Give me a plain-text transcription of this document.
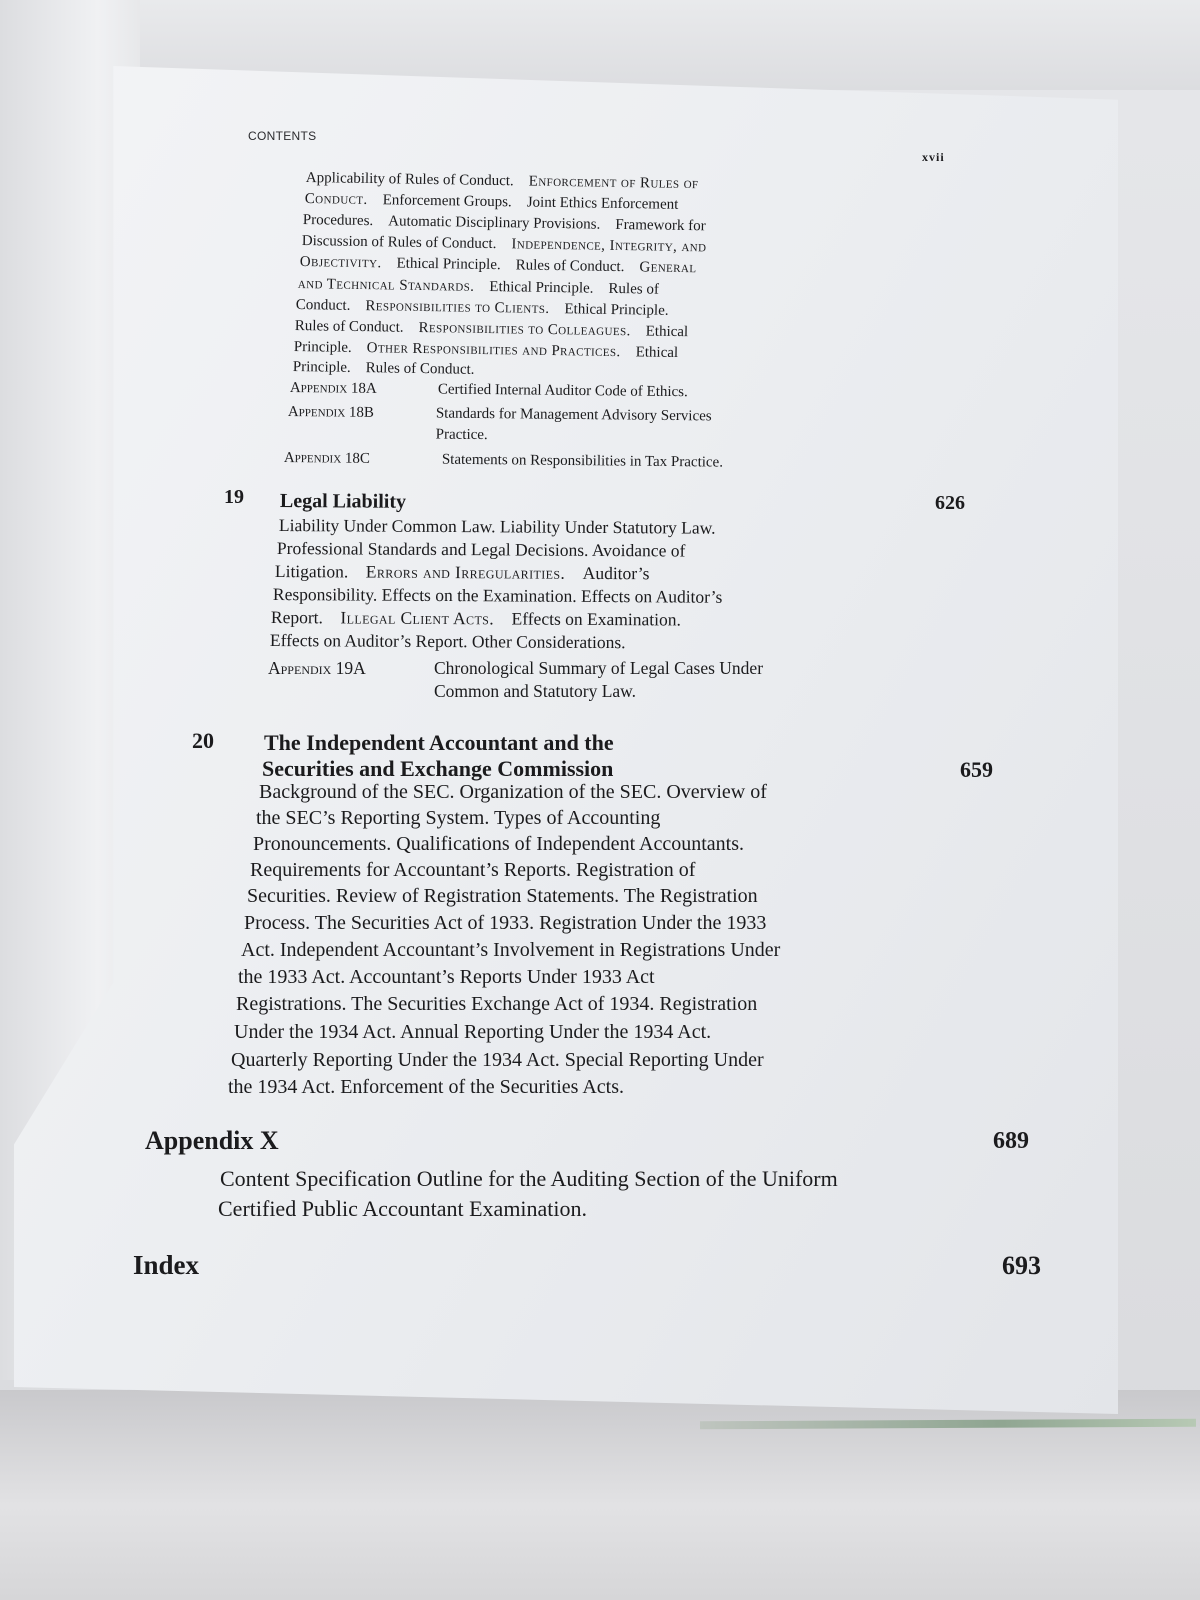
CONTENTS
xvii
Applicability of Rules of Conduct. Enforcement of Rules of
Conduct. Enforcement Groups. Joint Ethics Enforcement
Procedures. Automatic Disciplinary Provisions. Framework for
Discussion of Rules of Conduct. Independence, Integrity, and
Objectivity. Ethical Principle. Rules of Conduct. General
and Technical Standards. Ethical Principle. Rules of
Conduct. Responsibilities to Clients. Ethical Principle.
Rules of Conduct. Responsibilities to Colleagues. Ethical
Principle. Other Responsibilities and Practices. Ethical
Principle. Rules of Conduct.
Appendix 18A	Certified Internal Auditor Code of Ethics.
Appendix 18B	Standards for Management Advisory Services
Practice.
Appendix 18C	Statements on Responsibilities in Tax Practice.
19 Legal Liability	626
Liability Under Common Law. Liability Under Statutory Law.
Professional Standards and Legal Decisions. Avoidance of
Litigation. Errors and Irregularities. Auditor’s
Responsibility. Effects on the Examination. Effects on Auditor’s
Report. Illegal Client Acts. Effects on Examination.
Effects on Auditor’s Report. Other Considerations.
Appendix 19A	Chronological Summary of Legal Cases Under
Common and Statutory Law.
20 The Independent Accountant and the
Securities and Exchange Commission	659
Background of the SEC. Organization of the SEC. Overview of
the SEC’s Reporting System. Types of Accounting
Pronouncements. Qualifications of Independent Accountants.
Requirements for Accountant’s Reports. Registration of
Securities. Review of Registration Statements. The Registration
Process. The Securities Act of 1933. Registration Under the 1933
Act. Independent Accountant’s Involvement in Registrations Under
the 1933 Act. Accountant’s Reports Under 1933 Act
Registrations. The Securities Exchange Act of 1934. Registration
Under the 1934 Act. Annual Reporting Under the 1934 Act.
Quarterly Reporting Under the 1934 Act. Special Reporting Under
the 1934 Act. Enforcement of the Securities Acts.
Appendix X	689
Content Specification Outline for the Auditing Section of the Uniform
Certified Public Accountant Examination.
Index	693
